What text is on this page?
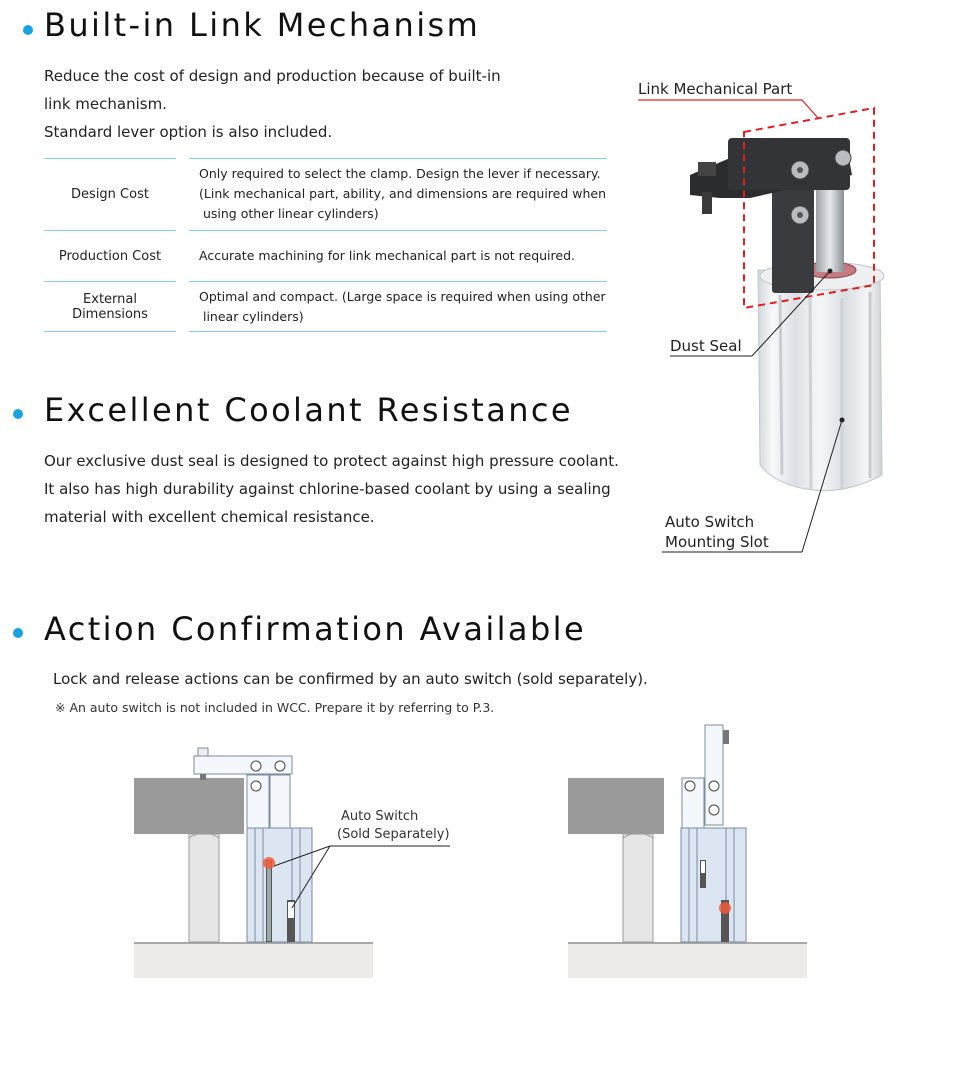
Built-in Link Mechanism

Reduce the cost of design and production because of built-in

link mechanism.

Standard lever option is also included.

Design Cost
Only required to select the clamp. Design the lever if necessary.
(Link mechanical part, ability, and dimensions are required when
using other linear cylinders)
Production Cost	Accurate machining for link mechanical part is not required.
External Dimensions
Optimal and compact. (Large space is required when using other
linear cylinders)
Link Mechanical Part
Dust Seal
Auto Switch
Mounting Slot
Excellent Coolant Resistance

Our exclusive dust seal is designed to protect against high pressure coolant.

It also has high durability against chlorine-based coolant by using a sealing

material with excellent chemical resistance.

Action Confirmation Available
Lock and release actions can be confirmed by an auto switch (sold separately).
※ An auto switch is not included in WCC. Prepare it by referring to P.3.
Auto Switch
(Sold Separately)
